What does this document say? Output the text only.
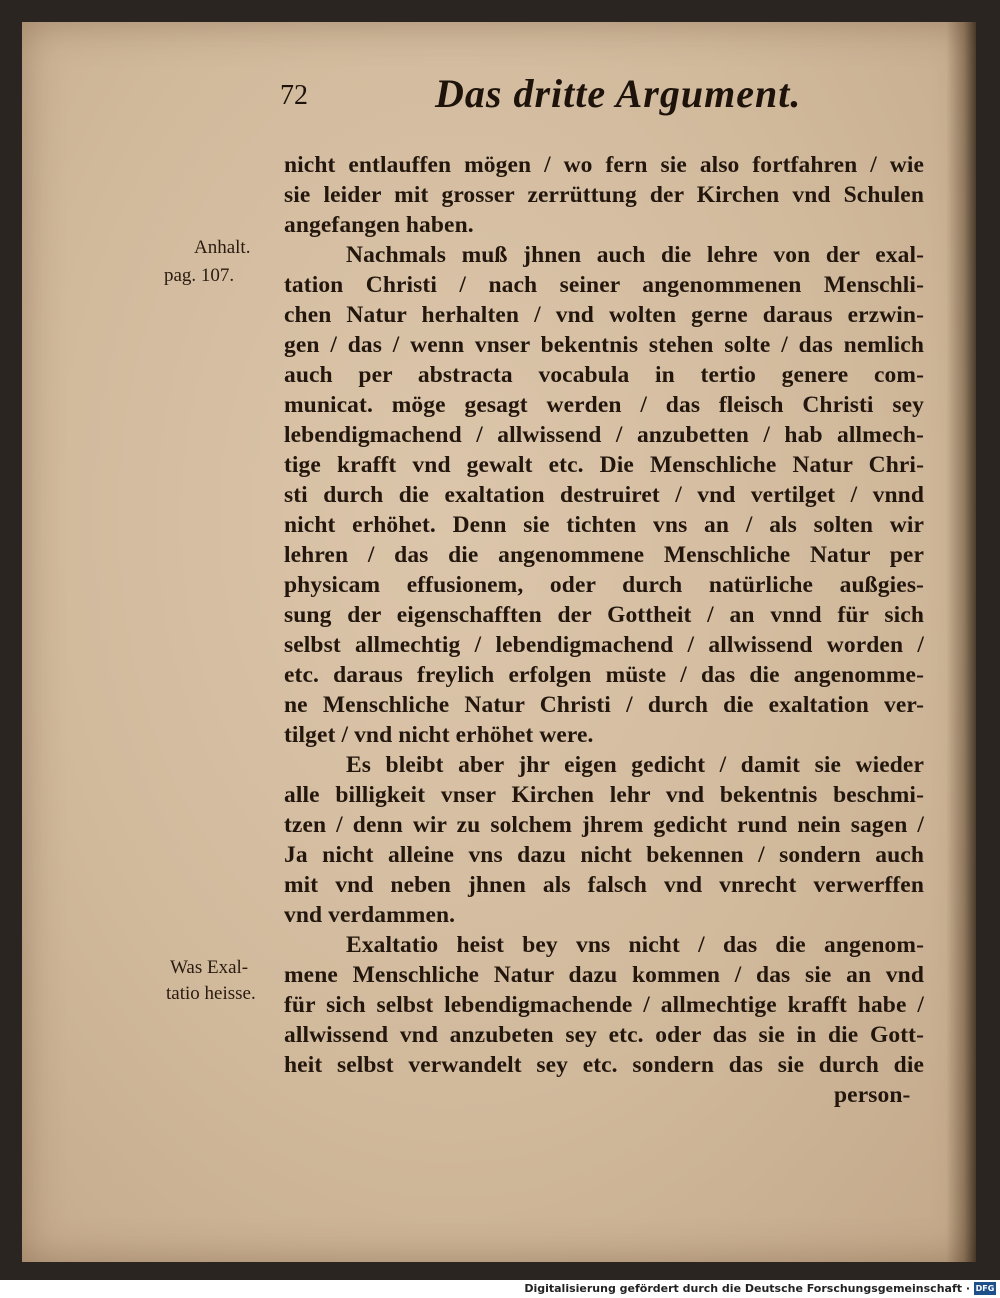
72	Das dritte Argument.
Anhalt.
pag. 107.
Was Exal-
tatio heisse.
nicht entlauffen mögen / wo fern sie also fortfahren / wie
sie leider mit grosser zerrüttung der Kirchen vnd Schulen
angefangen haben.
Nachmals muß jhnen auch die lehre von der exal-
tation Christi / nach seiner angenommenen Menschli-
chen Natur herhalten / vnd wolten gerne daraus erzwin-
gen / das / wenn vnser bekentnis stehen solte / das nemlich
auch per abstracta vocabula in tertio genere com-
municat. möge gesagt werden / das fleisch Christi sey
lebendigmachend / allwissend / anzubetten / hab allmech-
tige krafft vnd gewalt etc. Die Menschliche Natur Chri-
sti durch die exaltation destruiret / vnd vertilget / vnnd
nicht erhöhet. Denn sie tichten vns an / als solten wir
lehren / das die angenommene Menschliche Natur per
physicam effusionem, oder durch natürliche außgies-
sung der eigenschafften der Gottheit / an vnnd für sich
selbst allmechtig / lebendigmachend / allwissend worden /
etc. daraus freylich erfolgen müste / das die angenomme-
ne Menschliche Natur Christi / durch die exaltation ver-
tilget / vnd nicht erhöhet were.
Es bleibt aber jhr eigen gedicht / damit sie wieder
alle billigkeit vnser Kirchen lehr vnd bekentnis beschmi-
tzen / denn wir zu solchem jhrem gedicht rund nein sagen /
Ja nicht alleine vns dazu nicht bekennen / sondern auch
mit vnd neben jhnen als falsch vnd vnrecht verwerffen
vnd verdammen.
Exaltatio heist bey vns nicht / das die angenom-
mene Menschliche Natur dazu kommen / das sie an vnd
für sich selbst lebendigmachende / allmechtige krafft habe /
allwissend vnd anzubeten sey etc. oder das sie in die Gott-
heit selbst verwandelt sey etc. sondern das sie durch die
person-
Digitalisierung gefördert durch die Deutsche Forschungsgemeinschaft · DFG
